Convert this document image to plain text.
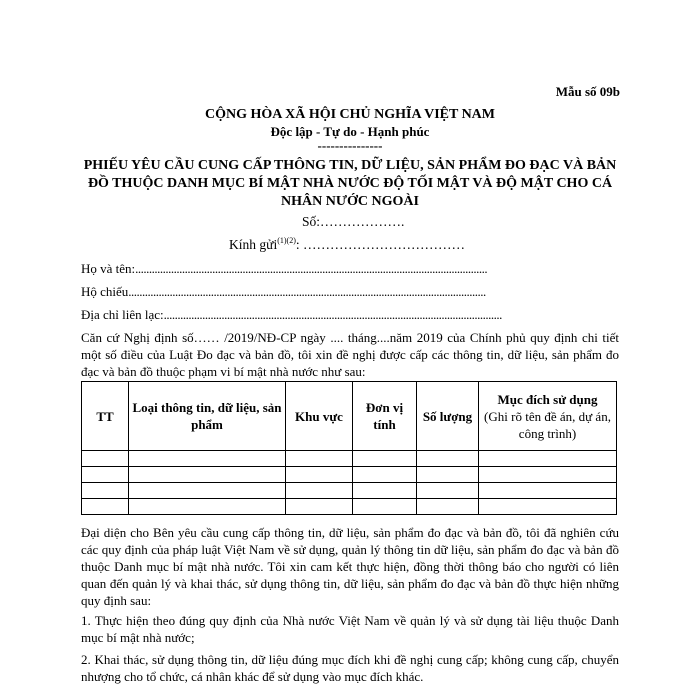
Mẫu số 09b
CỘNG HÒA XÃ HỘI CHỦ NGHĨA VIỆT NAM
Độc lập - Tự do - Hạnh phúc
---------------
PHIẾU YÊU CẦU CUNG CẤP THÔNG TIN, DỮ LIỆU, SẢN PHẨM ĐO ĐẠC VÀ BẢN
ĐỒ THUỘC DANH MỤC BÍ MẬT NHÀ NƯỚC ĐỘ TỐI MẬT VÀ ĐỘ MẬT CHO CÁ
NHÂN NƯỚC NGOÀI
Số:……………….
Kính gửi$^{(1)(2)}$: ………………………………
Họ và tên:................................................................................................................................
Hộ chiếu..................................................................................................................................
Địa chỉ liên lạc:...........................................................................................................................
Căn cứ Nghị định số…… /2019/NĐ-CP ngày .... tháng....năm 2019 của Chính phủ quy định chi tiết một số điều của Luật Đo đạc và bản đồ, tôi xin đề nghị được cấp các thông tin, dữ liệu, sản phẩm đo đạc và bản đồ thuộc phạm vi bí mật nhà nước như sau:
TT	Loại thông tin, dữ liệu, sản phẩm	Khu vực	Đơn vị tính	Số lượng	Mục đích sử dụng
(Ghi rõ tên đề án, dự án, công trình)

Đại diện cho Bên yêu cầu cung cấp thông tin, dữ liệu, sản phẩm đo đạc và bản đồ, tôi đã nghiên cứu các quy định của pháp luật Việt Nam về sử dụng, quản lý thông tin dữ liệu, sản phẩm đo đạc và bản đồ thuộc Danh mục bí mật nhà nước. Tôi xin cam kết thực hiện, đồng thời thông báo cho người có liên quan đến quản lý và khai thác, sử dụng thông tin, dữ liệu, sản phẩm đo đạc và bản đồ thực hiện những quy định sau:
1. Thực hiện theo đúng quy định của Nhà nước Việt Nam về quản lý và sử dụng tài liệu thuộc Danh mục bí mật nhà nước;
2. Khai thác, sử dụng thông tin, dữ liệu đúng mục đích khi đề nghị cung cấp; không cung cấp, chuyển nhượng cho tổ chức, cá nhân khác để sử dụng vào mục đích khác.
